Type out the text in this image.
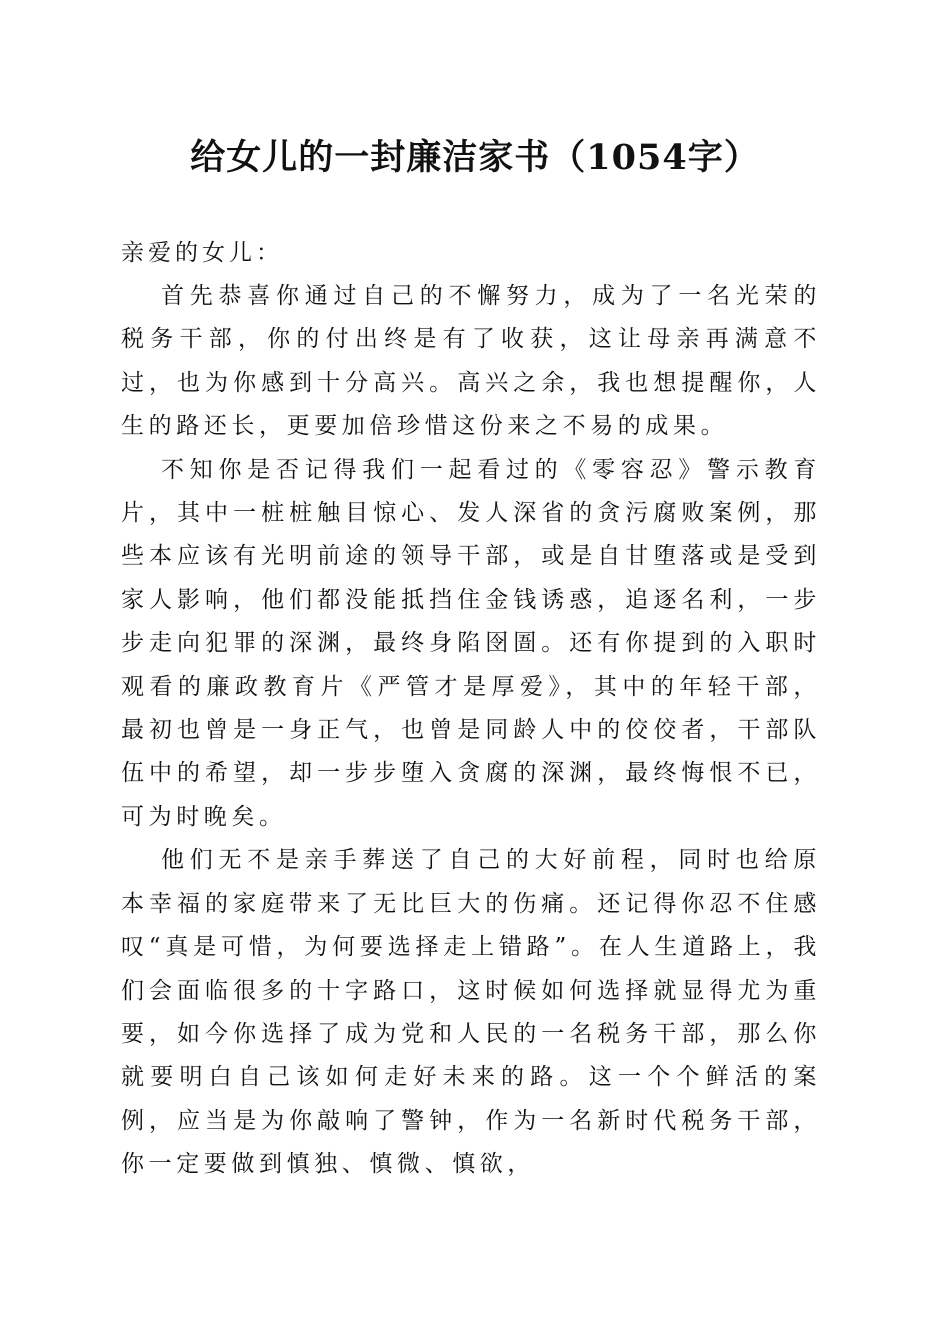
给女儿的一封廉洁家书（1054字）

亲爱的女儿：

首先恭喜你通过自己的不懈努力，成为了一名光荣的税务干部，你的付出终是有了收获，这让母亲再满意不过，也为你感到十分高兴。高兴之余，我也想提醒你，人生的路还长，更要加倍珍惜这份来之不易的成果。

不知你是否记得我们一起看过的《零容忍》警示教育片，其中一桩桩触目惊心、发人深省的贪污腐败案例，那些本应该有光明前途的领导干部，或是自甘堕落或是受到家人影响，他们都没能抵挡住金钱诱惑，追逐名利，一步步走向犯罪的深渊，最终身陷囹圄。还有你提到的入职时观看的廉政教育片《严管才是厚爱》，其中的年轻干部，最初也曾是一身正气，也曾是同龄人中的佼佼者，干部队伍中的希望，却一步步堕入贪腐的深渊，最终悔恨不已，可为时晚矣。

他们无不是亲手葬送了自己的大好前程，同时也给原本幸福的家庭带来了无比巨大的伤痛。还记得你忍不住感叹“真是可惜，为何要选择走上错路”。在人生道路上，我们会面临很多的十字路口，这时候如何选择就显得尤为重要，如今你选择了成为党和人民的一名税务干部，那么你就要明白自己该如何走好未来的路。这一个个鲜活的案例，应当是为你敲响了警钟，作为一名新时代税务干部，你一定要做到慎独、慎微、慎欲，
